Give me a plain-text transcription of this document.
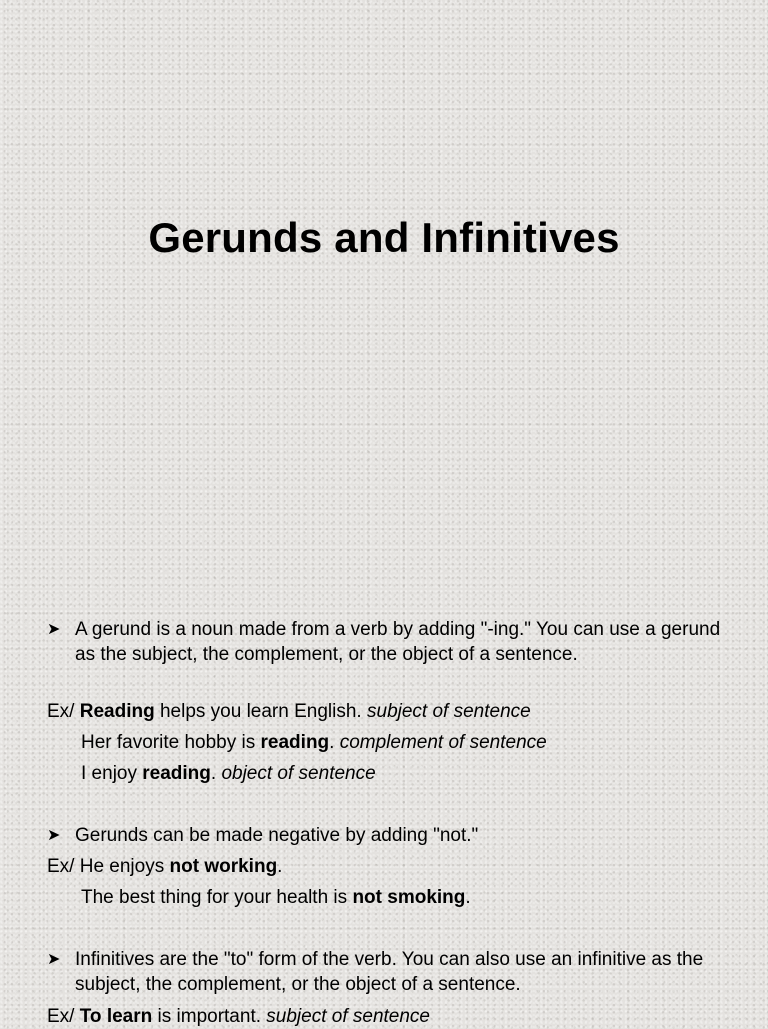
Gerunds and Infinitives
➤ A gerund is a noun made from a verb by adding "-ing." You can use a gerund as the subject, the complement, or the object of a sentence.
Ex/ Reading helps you learn English. subject of sentence
Her favorite hobby is reading. complement of sentence
I enjoy reading. object of sentence
➤ Gerunds can be made negative by adding "not."
Ex/ He enjoys not working.
The best thing for your health is not smoking.
➤ Infinitives are the "to" form of the verb. You can also use an infinitive as the subject, the complement, or the object of a sentence.
Ex/ To learn is important. subject of sentence
